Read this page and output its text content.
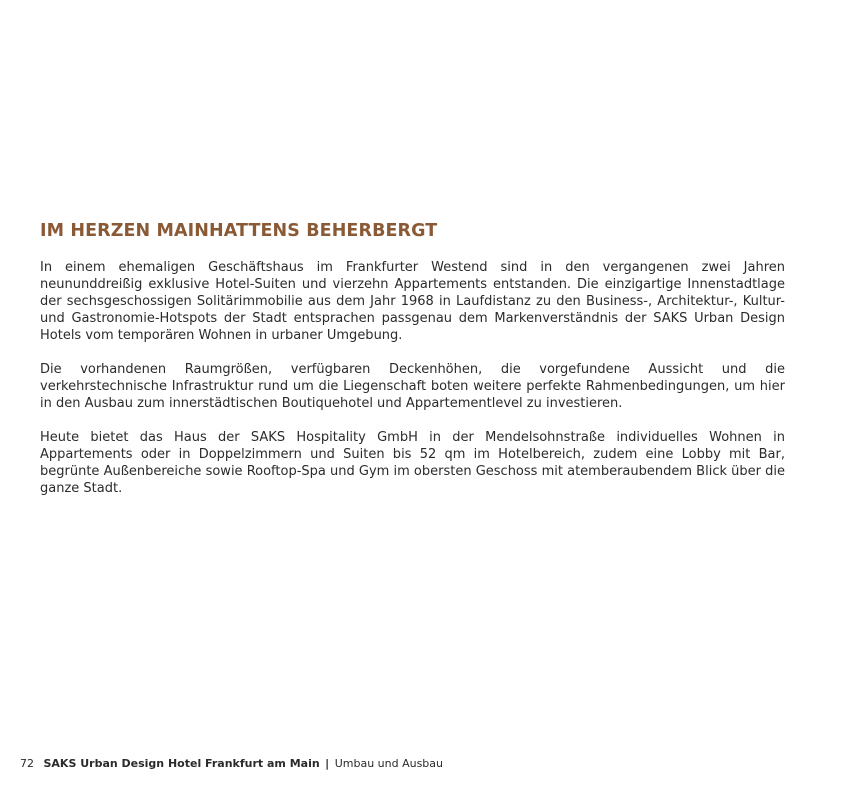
IM HERZEN MAINHATTENS BEHERBERGT

In einem ehemaligen Geschäftshaus im Frankfurter Westend sind in den vergangenen zwei Jahren neununddreißig exklusive Hotel-Suiten und vierzehn Appartements entstanden. Die einzigartige Innenstadtlage der sechsgeschossigen Solitärimmobilie aus dem Jahr 1968 in Laufdistanz zu den Business-, Architektur-, Kultur- und Gastronomie-Hotspots der Stadt entsprachen passgenau dem Markenverständnis der SAKS Urban Design Hotels vom temporären Wohnen in urbaner Umgebung.

Die vorhandenen Raumgrößen, verfügbaren Deckenhöhen, die vorgefundene Aussicht und die verkehrstechnische Infrastruktur rund um die Liegenschaft boten weitere perfekte Rahmenbedingungen, um hier in den Ausbau zum innerstädtischen Boutiquehotel und Appartementlevel zu investieren.

Heute bietet das Haus der SAKS Hospitality GmbH in der Mendelsohnstraße individuelles Wohnen in Appartements oder in Doppelzimmern und Suiten bis 52 qm im Hotelbereich, zudem eine Lobby mit Bar, begrünte Außenbereiche sowie Rooftop-Spa und Gym im obersten Geschoss mit atemberaubendem Blick über die ganze Stadt.

72 SAKS Urban Design Hotel Frankfurt am Main | Umbau und Ausbau
